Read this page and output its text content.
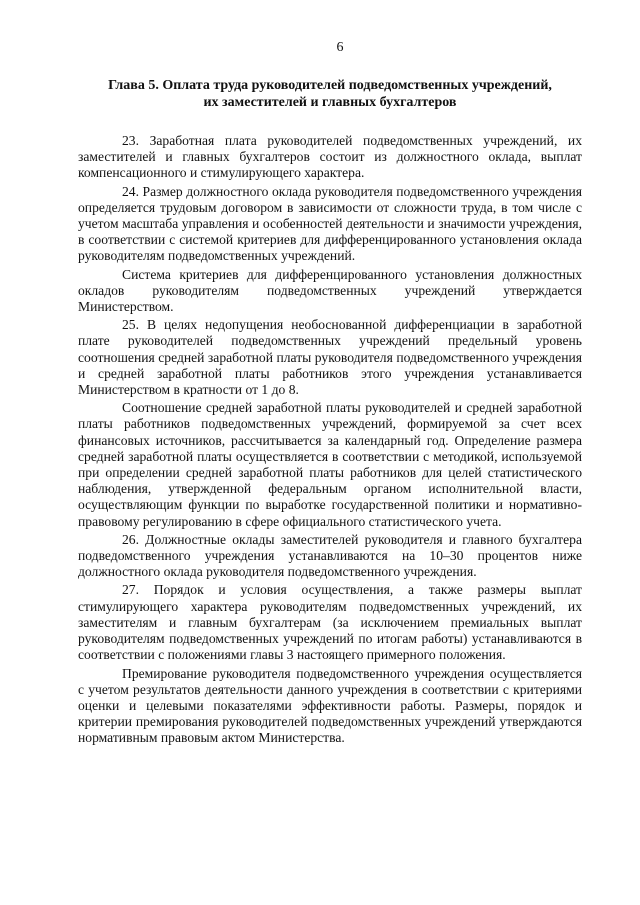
6
Глава 5. Оплата труда руководителей подведомственных учреждений,
их заместителей и главных бухгалтеров

23. Заработная плата руководителей подведомственных учреждений, их заместителей и главных бухгалтеров состоит из должностного оклада, выплат компенсационного и стимулирующего характера.

24. Размер должностного оклада руководителя подведомственного учреждения определяется трудовым договором в зависимости от сложности труда, в том числе с учетом масштаба управления и особенностей деятельности и значимости учреждения, в соответствии с системой критериев для дифференцированного установления оклада руководителям подведомственных учреждений.

Система критериев для дифференцированного установления должностных окладов руководителям подведомственных учреждений утверждается Министерством.

25. В целях недопущения необоснованной дифференциации в заработной плате руководителей подведомственных учреждений предельный уровень соотношения средней заработной платы руководителя подведомственного учреждения и средней заработной платы работников этого учреждения устанавливается Министерством в кратности от 1 до 8.

Соотношение средней заработной платы руководителей и средней заработной платы работников подведомственных учреждений, формируемой за счет всех финансовых источников, рассчитывается за календарный год. Определение размера средней заработной платы осуществляется в соответствии с методикой, используемой при определении средней заработной платы работников для целей статистического наблюдения, утвержденной федеральным органом исполнительной власти, осуществляющим функции по выработке государственной политики и нормативно-правовому регулированию в сфере официального статистического учета.

26. Должностные оклады заместителей руководителя и главного бухгалтера подведомственного учреждения устанавливаются на 10–30 процентов ниже должностного оклада руководителя подведомственного учреждения.

27. Порядок и условия осуществления, а также размеры выплат стимулирующего характера руководителям подведомственных учреждений, их заместителям и главным бухгалтерам (за исключением премиальных выплат руководителям подведомственных учреждений по итогам работы) устанавливаются в соответствии с положениями главы 3 настоящего примерного положения.

Премирование руководителя подведомственного учреждения осуществляется с учетом результатов деятельности данного учреждения в соответствии с критериями оценки и целевыми показателями эффективности работы. Размеры, порядок и критерии премирования руководителей подведомственных учреждений утверждаются нормативным правовым актом Министерства.
